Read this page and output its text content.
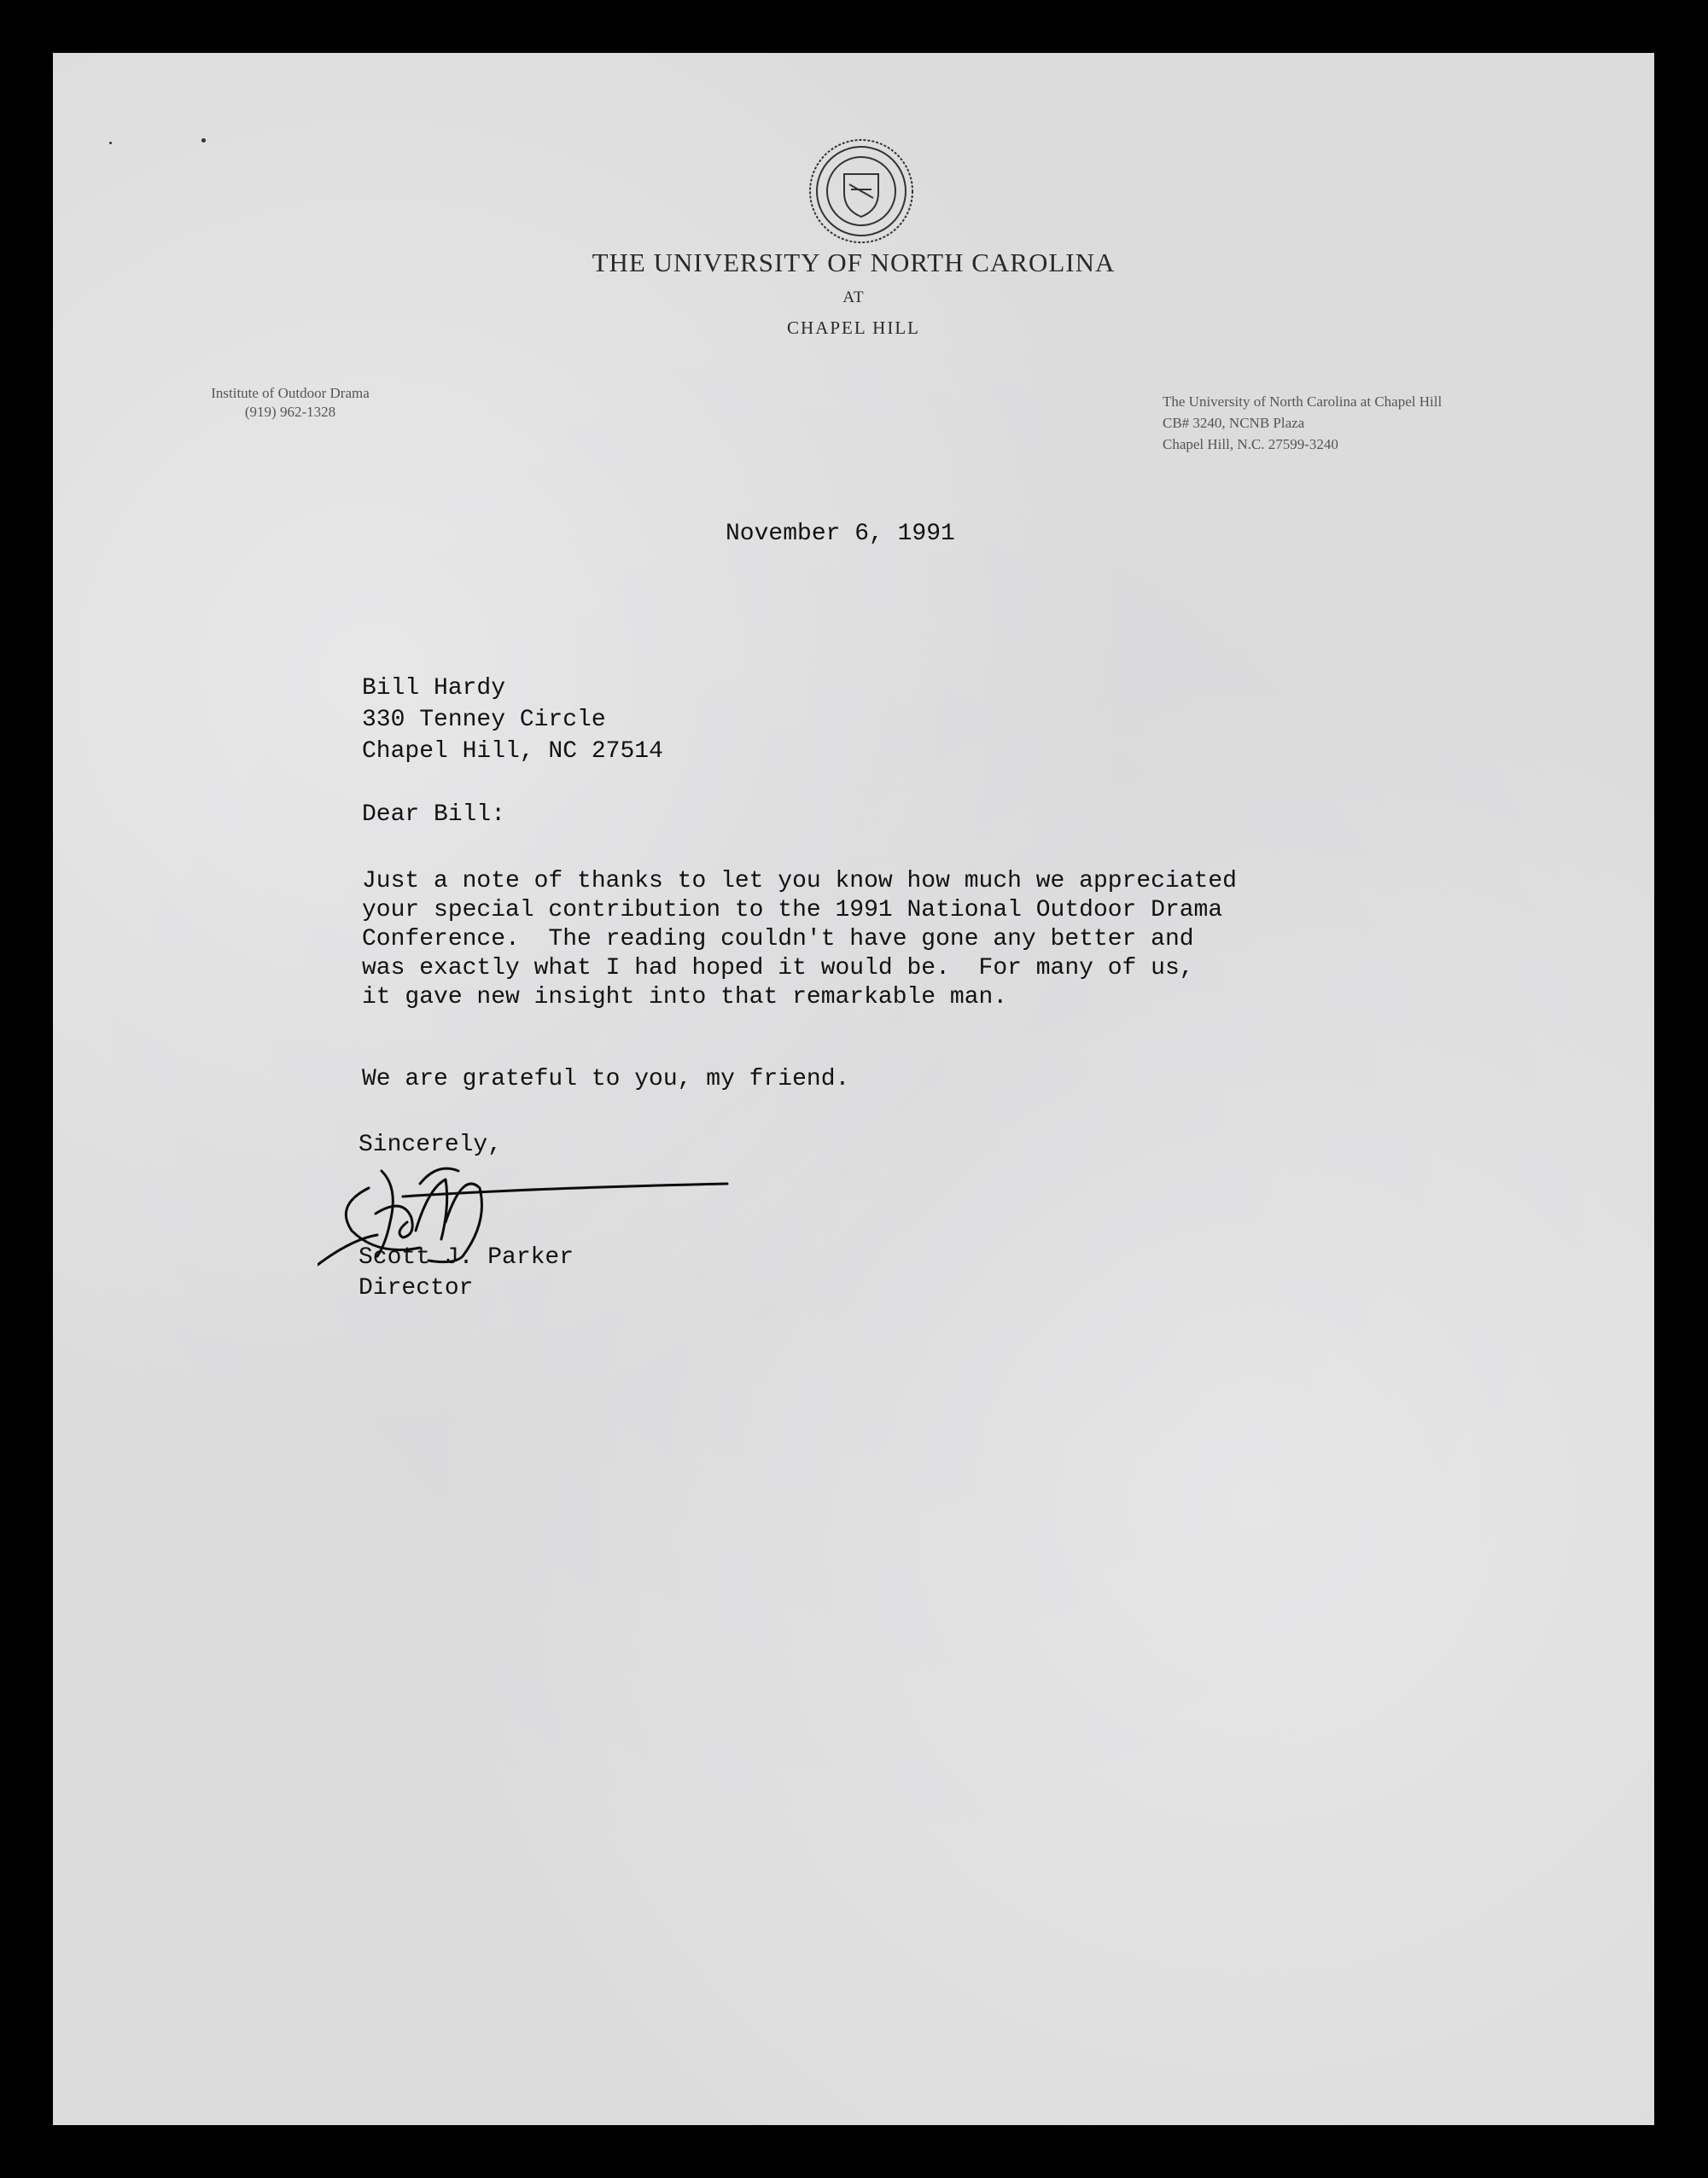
THE UNIVERSITY OF NORTH CAROLINA
AT
CHAPEL HILL
Institute of Outdoor Drama
(919) 962-1328
The University of North Carolina at Chapel Hill
CB# 3240, NCNB Plaza
Chapel Hill, N.C. 27599-3240
November 6, 1991
Bill Hardy
330 Tenney Circle
Chapel Hill, NC 27514
Dear Bill:
Just a note of thanks to let you know how much we appreciated
your special contribution to the 1991 National Outdoor Drama
Conference.  The reading couldn't have gone any better and
was exactly what I had hoped it would be.  For many of us,
it gave new insight into that remarkable man.
We are grateful to you, my friend.
Sincerely,
Scott J. Parker
Director
